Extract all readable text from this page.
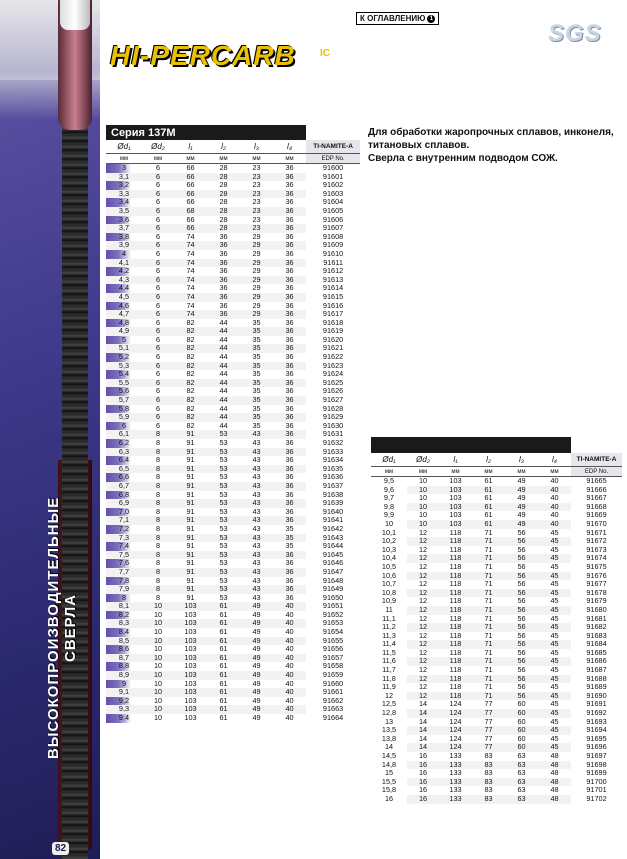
ВЫСОКОПРОИЗВОДИТЕЛЬНЫЕ СВЕРЛА
82
HI-PERCARB IC
К ОГЛАВЛЕНИЮ 1
SGS

Для обработки жаропрочных сплавов, инконеля,

титановых сплавов.

Сверла с внутренним подводом СОЖ.

Серия 137M						
Ød₁	Ød₂	l₁	l₂	l₃	l₄	TI-NAMITE-A
мм	мм	мм	мм	мм	мм	EDP No.
3	6	66	28	23	36	91600
3,1	6	66	28	23	36	91601
3,2	6	66	28	23	36	91602
3,3	6	66	28	23	36	91603
3,4	6	66	28	23	36	91604
3,5	6	68	28	23	36	91605
3,6	6	66	28	23	36	91606
3,7	6	66	28	23	36	91607
3,8	6	74	36	29	36	91608
3,9	6	74	36	29	36	91609
4	6	74	36	29	36	91610
4,1	6	74	36	29	36	91611
4,2	6	74	36	29	36	91612
4,3	6	74	36	29	36	91613
4,4	6	74	36	29	36	91614
4,5	6	74	36	29	36	91615
4,6	6	74	36	29	36	91616
4,7	6	74	36	29	36	91617
4,8	6	82	44	35	36	91618
4,9	6	82	44	35	36	91619
5	6	82	44	35	36	91620
5,1	6	82	44	35	36	91621
5,2	6	82	44	35	36	91622
5,3	6	82	44	35	36	91623
5,4	6	82	44	35	36	91624
5,5	6	82	44	35	36	91625
5,6	6	82	44	35	36	91626
5,7	6	82	44	35	36	91627
5,8	6	82	44	35	36	91628
5,9	6	82	44	35	36	91629
6	6	82	44	35	36	91630
6,1	8	91	53	43	36	91631
6,2	8	91	53	43	36	91632
6,3	8	91	53	43	36	91633
6,4	8	91	53	43	36	91634
6,5	8	91	53	43	36	91635
6,6	8	91	53	43	36	91636
6,7	8	91	53	43	36	91637
6,8	8	91	53	43	36	91638
6,9	8	91	53	43	36	91639
7,0	8	91	53	43	36	91640
7,1	8	91	53	43	36	91641
7,2	8	91	53	43	35	91642
7,3	8	91	53	43	35	91643
7,4	8	91	53	43	35	91644
7,5	8	91	53	43	36	91645
7,6	8	91	53	43	36	91646
7,7	8	91	53	43	36	91647
7,8	8	91	53	43	36	91648
7,9	8	91	53	43	36	91649
8	8	91	53	43	36	91650
8,1	10	103	61	49	40	91651
8,2	10	103	61	49	40	91652
8,3	10	103	61	49	40	91653
8,4	10	103	61	49	40	91654
8,5	10	103	61	49	40	91655
8,6	10	103	61	49	40	91656
8,7	10	103	61	49	40	91657
8,8	10	103	61	49	40	91658
8,9	10	103	61	49	40	91659
9	10	103	61	49	40	91660
9,1	10	103	61	49	40	91661
9,2	10	103	61	49	40	91662
9,3	10	103	61	49	40	91663
9,4	10	103	61	49	40	91664

Ød₁	Ød₂	l₁	l₂	l₃	l₄	TI-NAMITE-A
мм	мм	мм	мм	мм	мм	EDP No.
9,5	10	103	61	49	40	91665
9,6	10	103	61	49	40	91666
9,7	10	103	61	49	40	91667
9,8	10	103	61	49	40	91668
9,9	10	103	61	49	40	91669
10	10	103	61	49	40	91670
10,1	12	118	71	56	45	91671
10,2	12	118	71	56	45	91672
10,3	12	118	71	56	45	91673
10,4	12	118	71	56	45	91674
10,5	12	118	71	56	45	91675
10,6	12	118	71	56	45	91676
10,7	12	118	71	56	45	91677
10,8	12	118	71	56	45	91678
10,9	12	118	71	56	45	91679
11	12	118	71	56	45	91680
11,1	12	118	71	56	45	91681
11,2	12	118	71	56	45	91682
11,3	12	118	71	56	45	91683
11,4	12	118	71	56	45	91684
11,5	12	118	71	56	45	91685
11,6	12	118	71	56	45	91686
11,7	12	118	71	56	45	91687
11,8	12	118	71	56	45	91688
11,9	12	118	71	56	45	91689
12	12	118	71	56	45	91690
12,5	14	124	77	60	45	91691
12,8	14	124	77	60	45	91692
13	14	124	77	60	45	91693
13,5	14	124	77	60	45	91694
13,8	14	124	77	60	45	91695
14	14	124	77	60	45	91696
14,5	16	133	83	63	48	91697
14,8	16	133	83	63	48	91698
15	16	133	83	63	48	91699
15,5	16	133	83	63	48	91700
15,8	16	133	83	63	48	91701
16	16	133	83	63	48	91702
